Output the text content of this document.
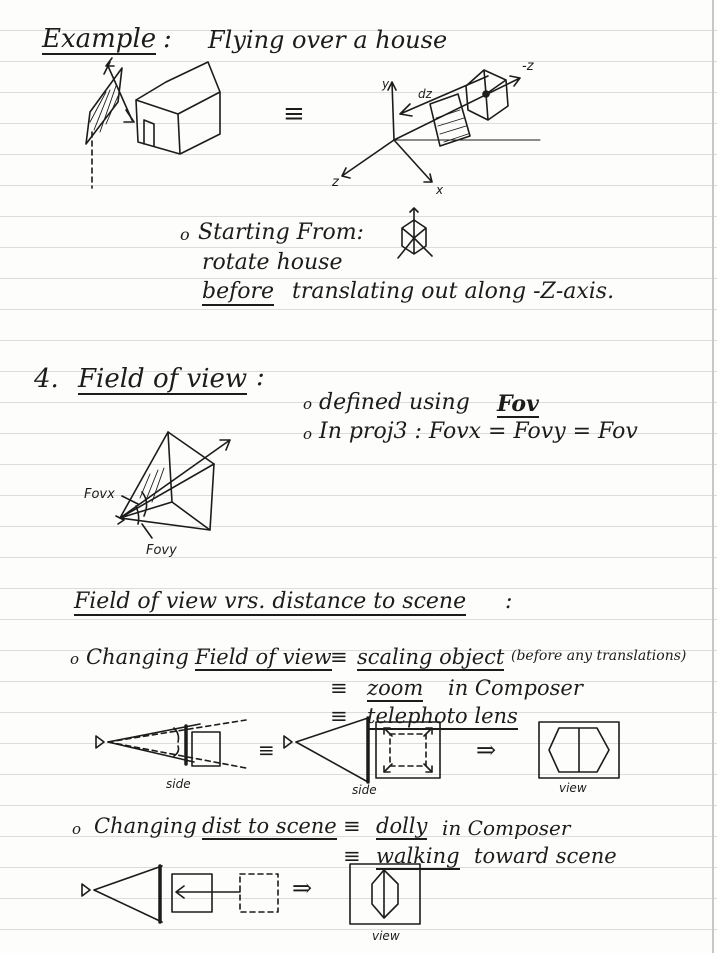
Example : Flying over a house
≡
y
-z
z	x
dz
o Starting From:
rotate house
before translating out along -Z-axis.
4. Field of view :
o defined using Fov
o In proj3 : Fovx = Fovy = Fov
Fovx
Fovy
Field of view vrs. distance to scene :
o Changing Field of view
≡ scaling object (before any translations)
≡ zoom in Composer
≡ telephoto lens
side
≡
side
⇒
view
o Changing dist to scene ≡ dolly in Composer
≡ walking toward scene
⇒
view
